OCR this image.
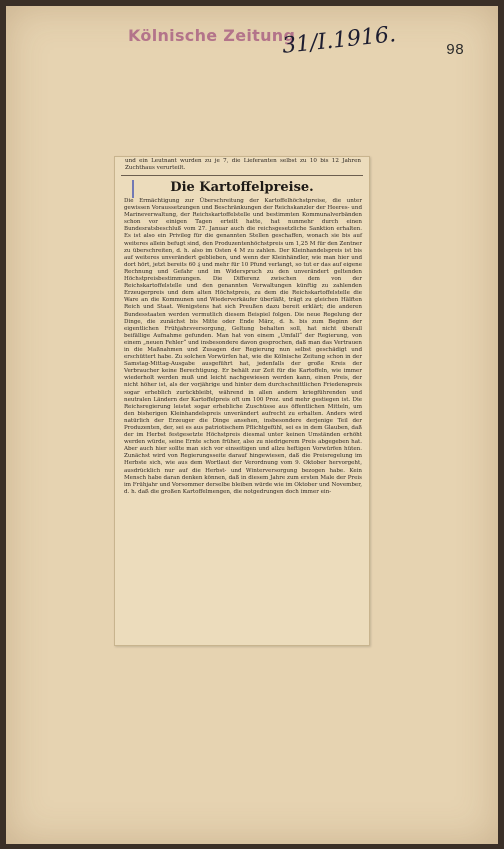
Kölnische Zeitung
31/I.1916.	98
und ein Leutnant wurden zu je 7, die Lieferanten selbst zu 10 bis 12 Jahren Zuchthaus verurteilt.
Die Kartoffelpreise.

Die Ermächtigung zur Überschreitung der Kartoffelhöchstpreise, die unter gewissen Voraussetzungen und Beschränkungen der Reichskanzler der Heeres- und Marineverwaltung, der Reichskartoffelstelle und bestimmten Kommunalverbänden schon vor einigen Tagen erteilt hatte, hat nunmehr durch einen Bundesratsbeschluß vom 27. Januar auch die reichsgesetzliche Sanktion erhalten. Es ist also ein Privileg für die genannten Stellen geschaffen, wonach sie bis auf weiteres allein befugt sind, den Produzentenhöchstpreis um 1,25 M für den Zentner zu überschreiten, d. h. also im Osten 4 M zu zahlen. Der Kleinhandelspreis ist bis auf weiteres unverändert geblieben, und wenn der Kleinhändler, wie man hier und dort hört, jetzt bereits 60 ₰ und mehr für 10 Pfund verlangt, so tut er das auf eigene Rechnung und Gefahr und im Widerspruch zu den unverändert geltenden Höchstpreisbestimmungen. Die Differenz zwischen dem von der Reichskartoffelstelle und den genannten Verwaltungen künftig zu zahlenden Erzeugerpreis und dem alten Höchstpreis, zu dem die Reichskartoffelstelle die Ware an die Kommunen und Wiederverkäufer überläßt, trägt zu gleichen Hälften Reich und Staat. Wenigstens hat sich Preußen dazu bereit erklärt; die anderen Bundesstaaten werden vermutlich diesem Beispiel folgen. Die neue Regelung der Dinge, die zunächst bis Mitte oder Ende März, d. h. bis zum Beginn der eigentlichen Frühjahrsversorgung, Geltung behalten soll, hat nicht überall beifällige Aufnahme gefunden. Man hat von einem „Umfall“ der Regierung, von einem „neuen Fehler“ und insbesondere davon gesprochen, daß man das Vertrauen in die Maßnahmen und Zusagen der Regierung nun selbst geschädigt und erschüttert habe. Zu solchen Vorwürfen hat, wie die Kölnische Zeitung schon in der Samstag-Mittag-Ausgabe ausgeführt hat, jedenfalls der große Kreis der Verbraucher keine Berechtigung. Er behält zur Zeit für die Kartoffeln, wie immer wiederholt werden muß und leicht nachgewiesen werden kann, einen Preis, der nicht höher ist, als der vorjährige und hinter dem durchschnittlichen Friedenspreis sogar erheblich zurückbleibt, während in allen andern kriegführenden und neutralen Ländern der Kartoffelpreis oft um 100 Proz. und mehr gestiegen ist. Die Reichsregierung leistet sogar erhebliche Zuschüsse aus öffentlichen Mitteln, um den bisherigen Kleinhandelspreis unverändert aufrecht zu erhalten. Anders wird natürlich der Erzeuger die Dinge ansehen, insbesondere derjenige Teil der Produzenten, der, sei es aus patriotischem Pflichtgefühl, sei es in dem Glauben, daß der im Herbst festgesetzte Höchstpreis diesmal unter keinen Umständen erhöht werden würde, seine Ernte schon früher, also zu niedrigerem Preis abgegeben hat. Aber auch hier sollte man sich vor einseitigen und allzu heftigen Vorwürfen hüten. Zunächst wird von Regierungsseite darauf hingewiesen, daß die Preisregelung im Herbste sich, wie aus dem Wortlaut der Verordnung vom 9. Oktober hervorgeht, ausdrücklich nur auf die Herbst- und Winterversorgung bezogen habe. Kein Mensch habe daran denken können, daß in diesem Jahre zum ersten Male der Preis im Frühjahr und Vorsommer derselbe bleiben würde wie im Oktober und November, d. h. daß die großen Kartoffelmengen, die notgedrungen doch immer ein-
